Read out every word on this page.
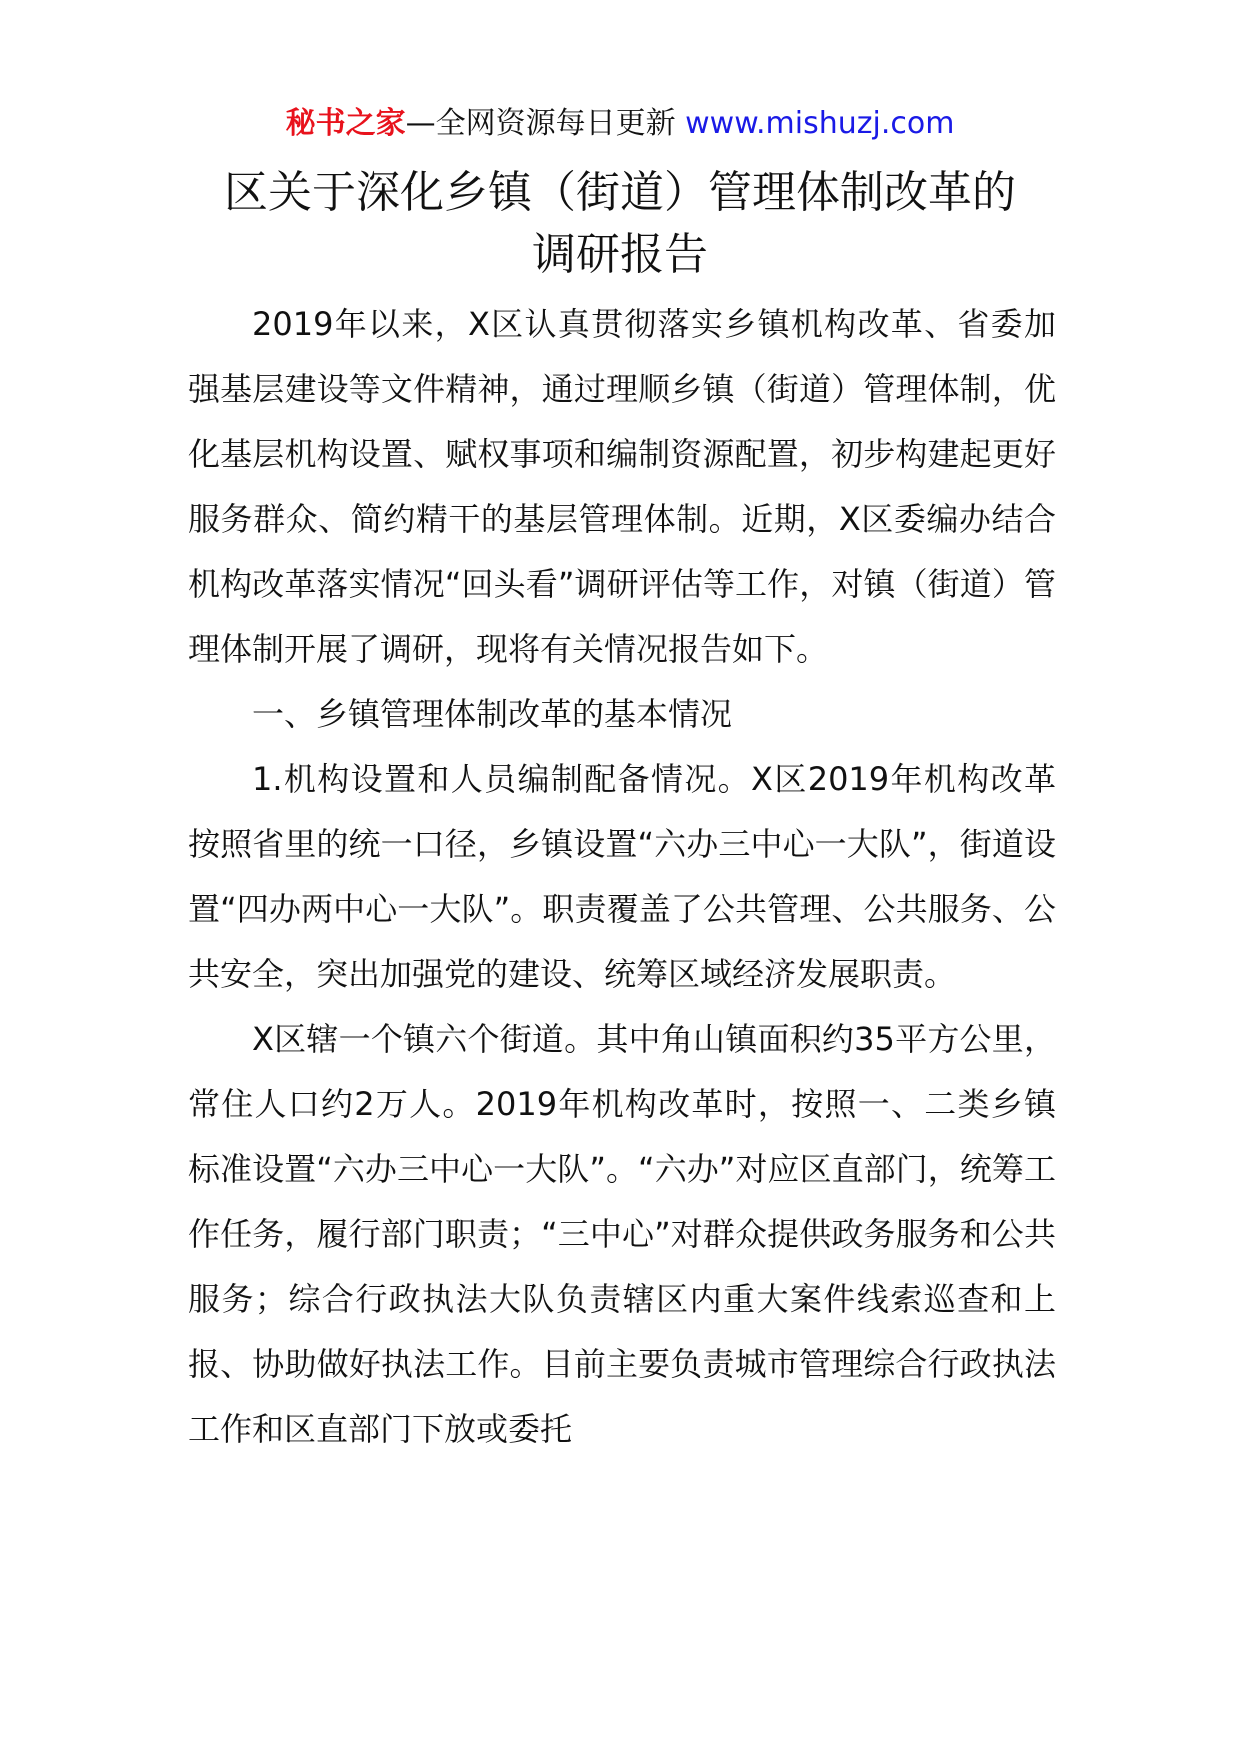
秘书之家—全网资源每日更新 www.mishuzj.com
区关于深化乡镇（街道）管理体制改革的
调研报告

2019年以来，X区认真贯彻落实乡镇机构改革、省委加强基层建设等文件精神，通过理顺乡镇（街道）管理体制，优化基层机构设置、赋权事项和编制资源配置，初步构建起更好服务群众、简约精干的基层管理体制。近期，X区委编办结合机构改革落实情况“回头看”调研评估等工作，对镇（街道）管理体制开展了调研，现将有关情况报告如下。

一、乡镇管理体制改革的基本情况

1.机构设置和人员编制配备情况。X区2019年机构改革按照省里的统一口径，乡镇设置“六办三中心一大队”，街道设置“四办两中心一大队”。职责覆盖了公共管理、公共服务、公共安全，突出加强党的建设、统筹区域经济发展职责。

X区辖一个镇六个街道。其中角山镇面积约35平方公里，常住人口约2万人。2019年机构改革时，按照一、二类乡镇标准设置“六办三中心一大队”。“六办”对应区直部门，统筹工作任务，履行部门职责；“三中心”对群众提供政务服务和公共服务；综合行政执法大队负责辖区内重大案件线索巡查和上报、协助做好执法工作。目前主要负责城市管理综合行政执法工作和区直部门下放或委托
